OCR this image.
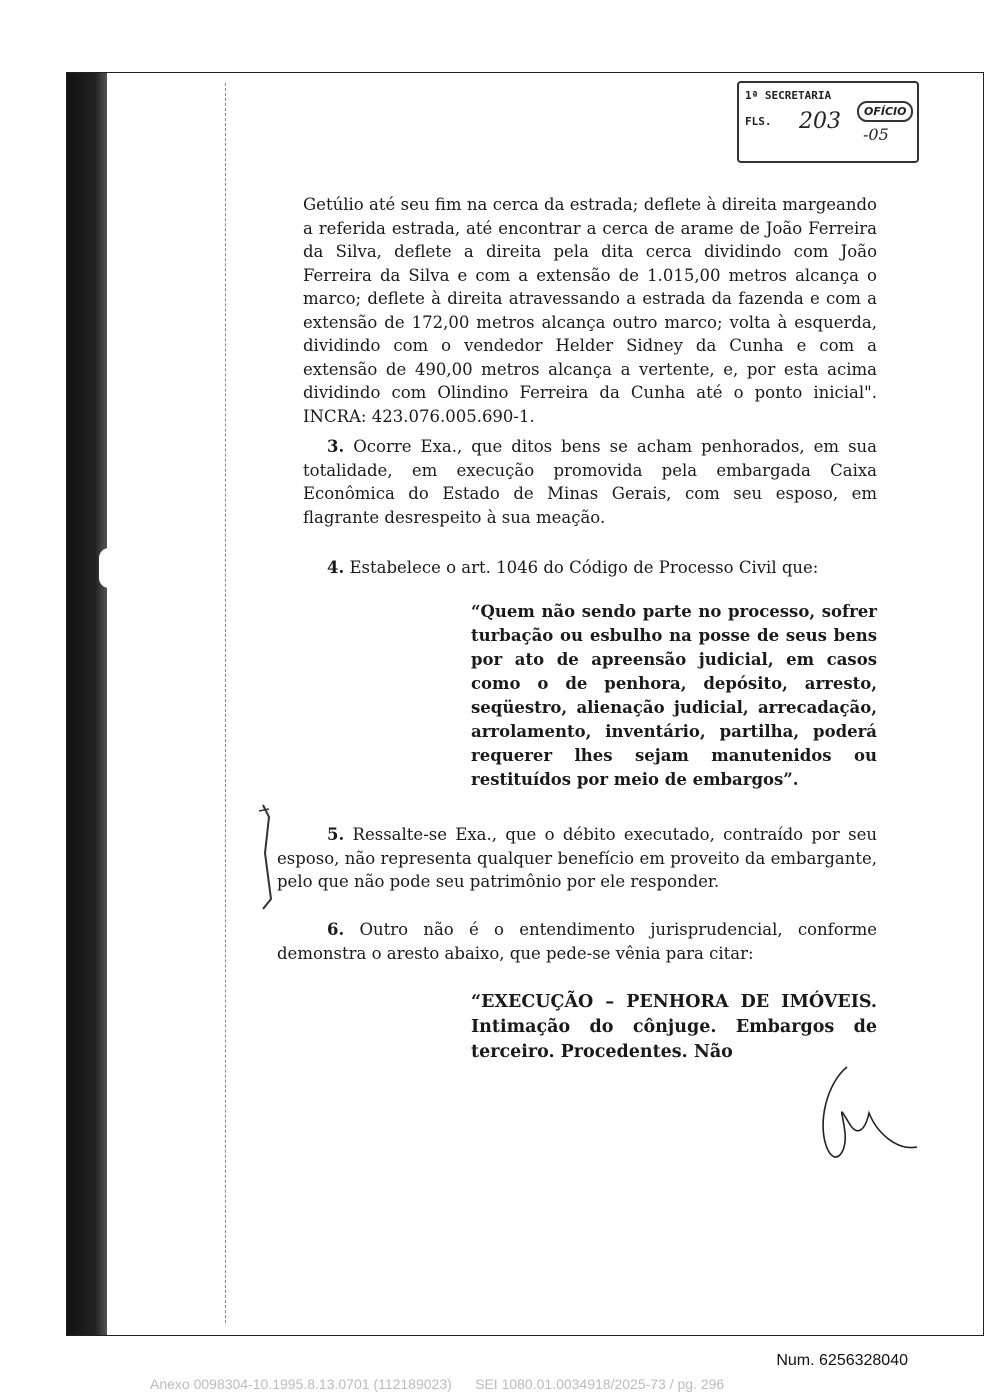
1ª SECRETARIA
FLS.
OFÍCIO
203
-05

Getúlio até seu fim na cerca da estrada; deflete à direita margeando a referida estrada, até encontrar a cerca de arame de João Ferreira da Silva, deflete a direita pela dita cerca dividindo com João Ferreira da Silva e com a extensão de 1.015,00 metros alcança o marco; deflete à direita atravessando a estrada da fazenda e com a extensão de 172,00 metros alcança outro marco; volta à esquerda, dividindo com o vendedor Helder Sidney da Cunha e com a extensão de 490,00 metros alcança a vertente, e, por esta acima dividindo com Olindino Ferreira da Cunha até o ponto inicial". INCRA: 423.076.005.690-1.

3. Ocorre Exa., que ditos bens se acham penhorados, em sua totalidade, em execução promovida pela embargada Caixa Econômica do Estado de Minas Gerais, com seu esposo, em flagrante desrespeito à sua meação.

4. Estabelece o art. 1046 do Código de Processo Civil que:

“Quem não sendo parte no processo, sofrer turbação ou esbulho na posse de seus bens por ato de apreensão judicial, em casos como o de penhora, depósito, arresto, seqüestro, alienação judicial, arrecadação, arrolamento, inventário, partilha, poderá requerer lhes sejam manutenidos ou restituídos por meio de embargos”.

5. Ressalte-se Exa., que o débito executado, contraído por seu esposo, não representa qualquer benefício em proveito da embargante, pelo que não pode seu patrimônio por ele responder.

6. Outro não é o entendimento jurisprudencial, conforme demonstra o aresto abaixo, que pede-se vênia para citar:

“EXECUÇÃO – PENHORA DE IMÓVEIS. Intimação do cônjuge. Embargos de terceiro. Procedentes. Não

Num. 6256328040
Anexo 0098304-10.1995.8.13.0701 (112189023)      SEI 1080.01.0034918/2025-73 / pg. 296
